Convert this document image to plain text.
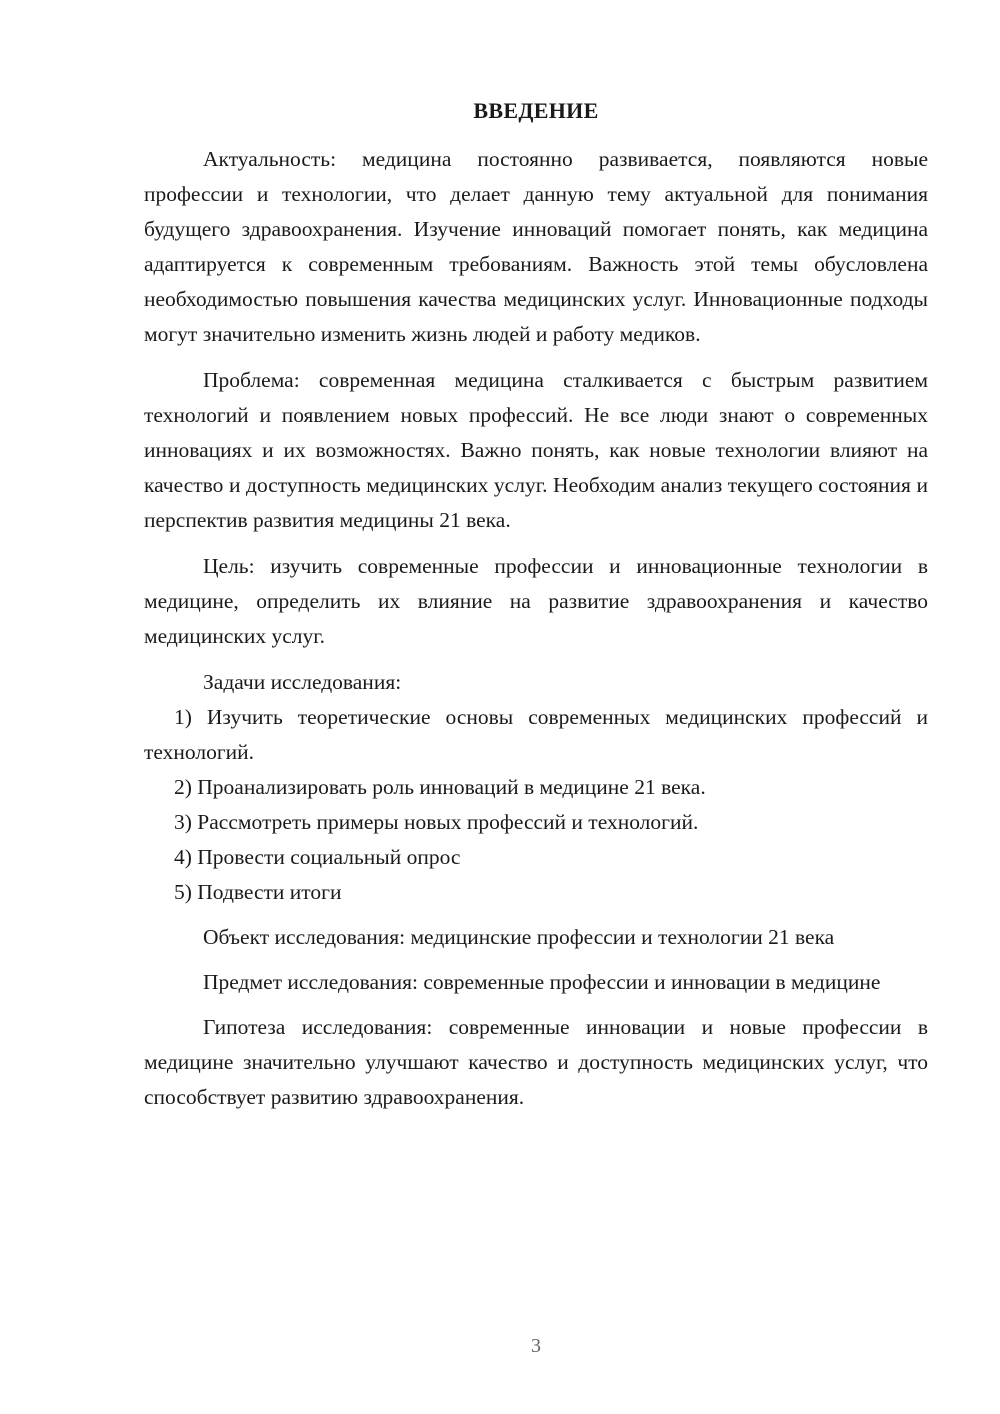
ВВЕДЕНИЕ

Актуальность: медицина постоянно развивается, появляются новые профессии и технологии, что делает данную тему актуальной для понимания будущего здравоохранения. Изучение инноваций помогает понять, как медицина адаптируется к современным требованиям. Важность этой темы обусловлена необходимостью повышения качества медицинских услуг. Инновационные подходы могут значительно изменить жизнь людей и работу медиков.

Проблема: современная медицина сталкивается с быстрым развитием технологий и появлением новых профессий. Не все люди знают о современных инновациях и их возможностях. Важно понять, как новые технологии влияют на качество и доступность медицинских услуг. Необходим анализ текущего состояния и перспектив развития медицины 21 века.

Цель: изучить современные профессии и инновационные технологии в медицине, определить их влияние на развитие здравоохранения и качество медицинских услуг.

Задачи исследования:

1) Изучить теоретические основы современных медицинских профессий и технологий.

2) Проанализировать роль инноваций в медицине 21 века.

3) Рассмотреть примеры новых профессий и технологий.

4) Провести социальный опрос

5) Подвести итоги

Объект исследования: медицинские профессии и технологии 21 века

Предмет исследования: современные профессии и инновации в медицине

Гипотеза исследования: современные инновации и новые профессии в медицине значительно улучшают качество и доступность медицинских услуг, что способствует развитию здравоохранения.

3
